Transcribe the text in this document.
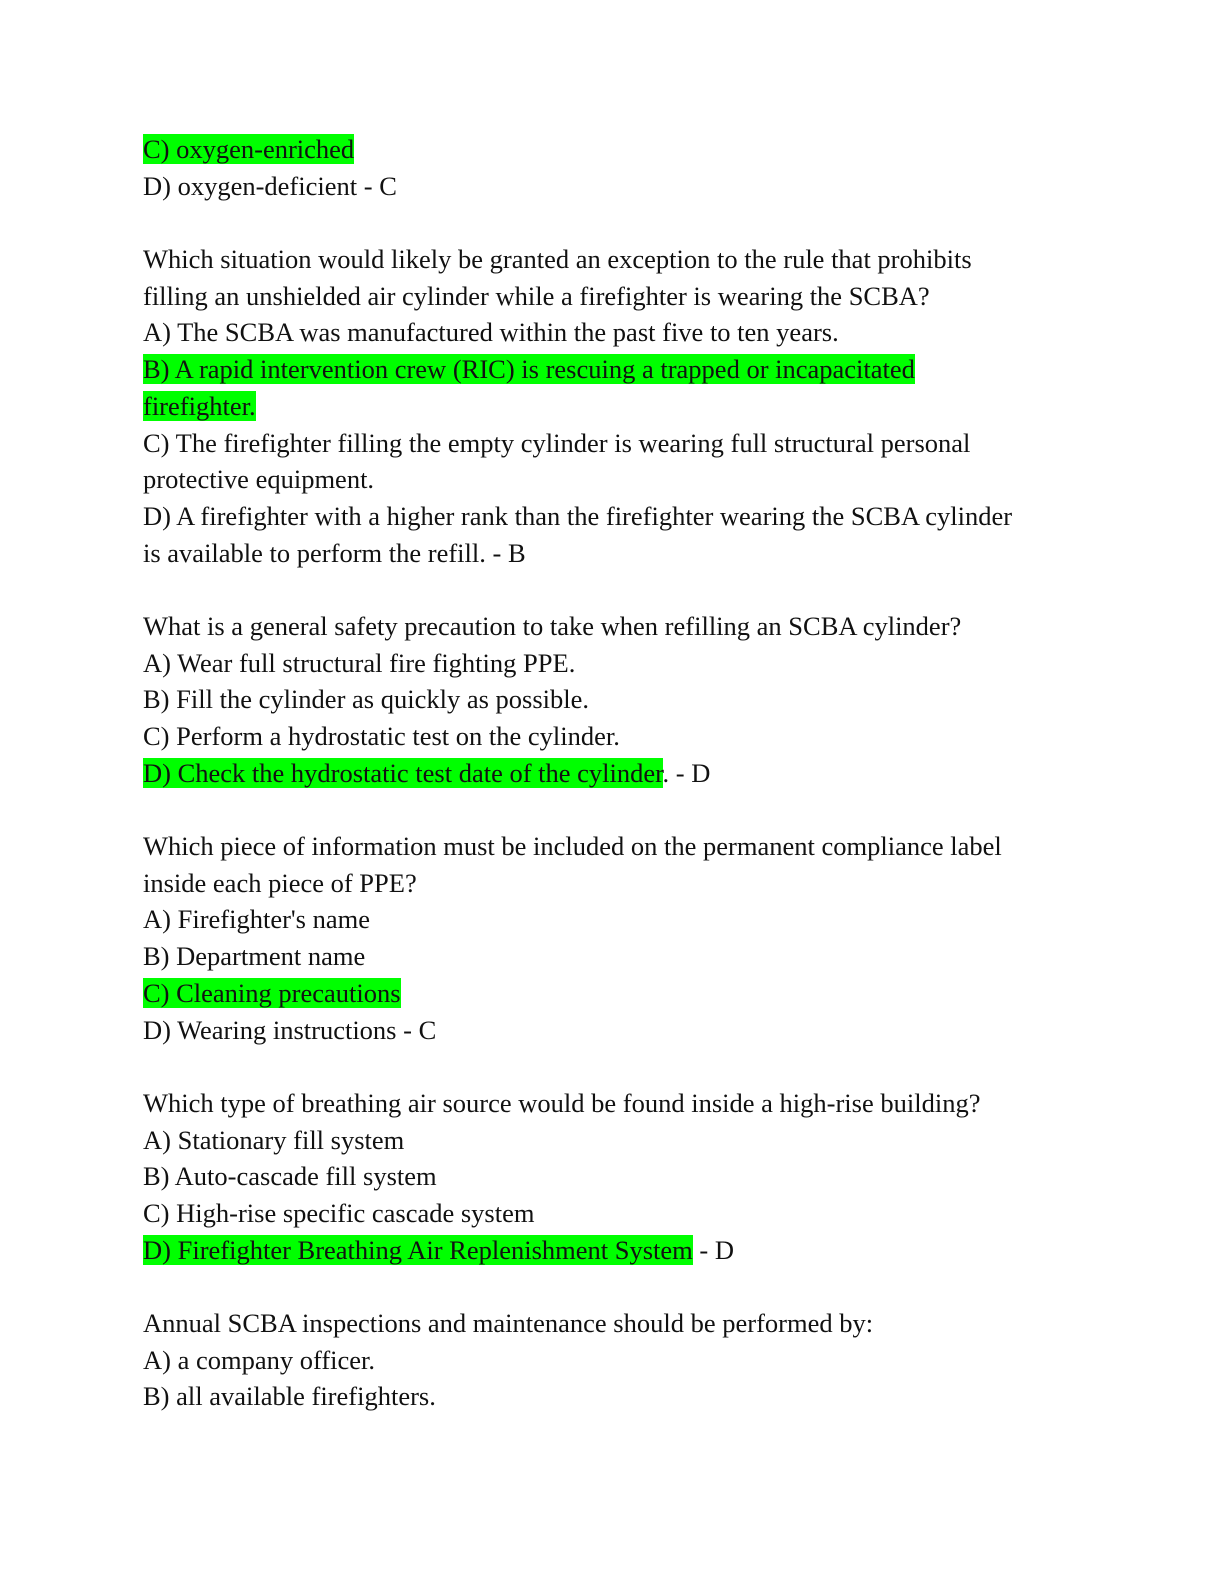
C) oxygen-enriched
D) oxygen-deficient - C
Which situation would likely be granted an exception to the rule that prohibits
filling an unshielded air cylinder while a firefighter is wearing the SCBA?
A) The SCBA was manufactured within the past five to ten years.
B) A rapid intervention crew (RIC) is rescuing a trapped or incapacitated
firefighter.
C) The firefighter filling the empty cylinder is wearing full structural personal
protective equipment.
D) A firefighter with a higher rank than the firefighter wearing the SCBA cylinder
is available to perform the refill. - B
What is a general safety precaution to take when refilling an SCBA cylinder?
A) Wear full structural fire fighting PPE.
B) Fill the cylinder as quickly as possible.
C) Perform a hydrostatic test on the cylinder.
D) Check the hydrostatic test date of the cylinder. - D
Which piece of information must be included on the permanent compliance label
inside each piece of PPE?
A) Firefighter's name
B) Department name
C) Cleaning precautions
D) Wearing instructions - C
Which type of breathing air source would be found inside a high-rise building?
A) Stationary fill system
B) Auto-cascade fill system
C) High-rise specific cascade system
D) Firefighter Breathing Air Replenishment System - D
Annual SCBA inspections and maintenance should be performed by:
A) a company officer.
B) all available firefighters.
